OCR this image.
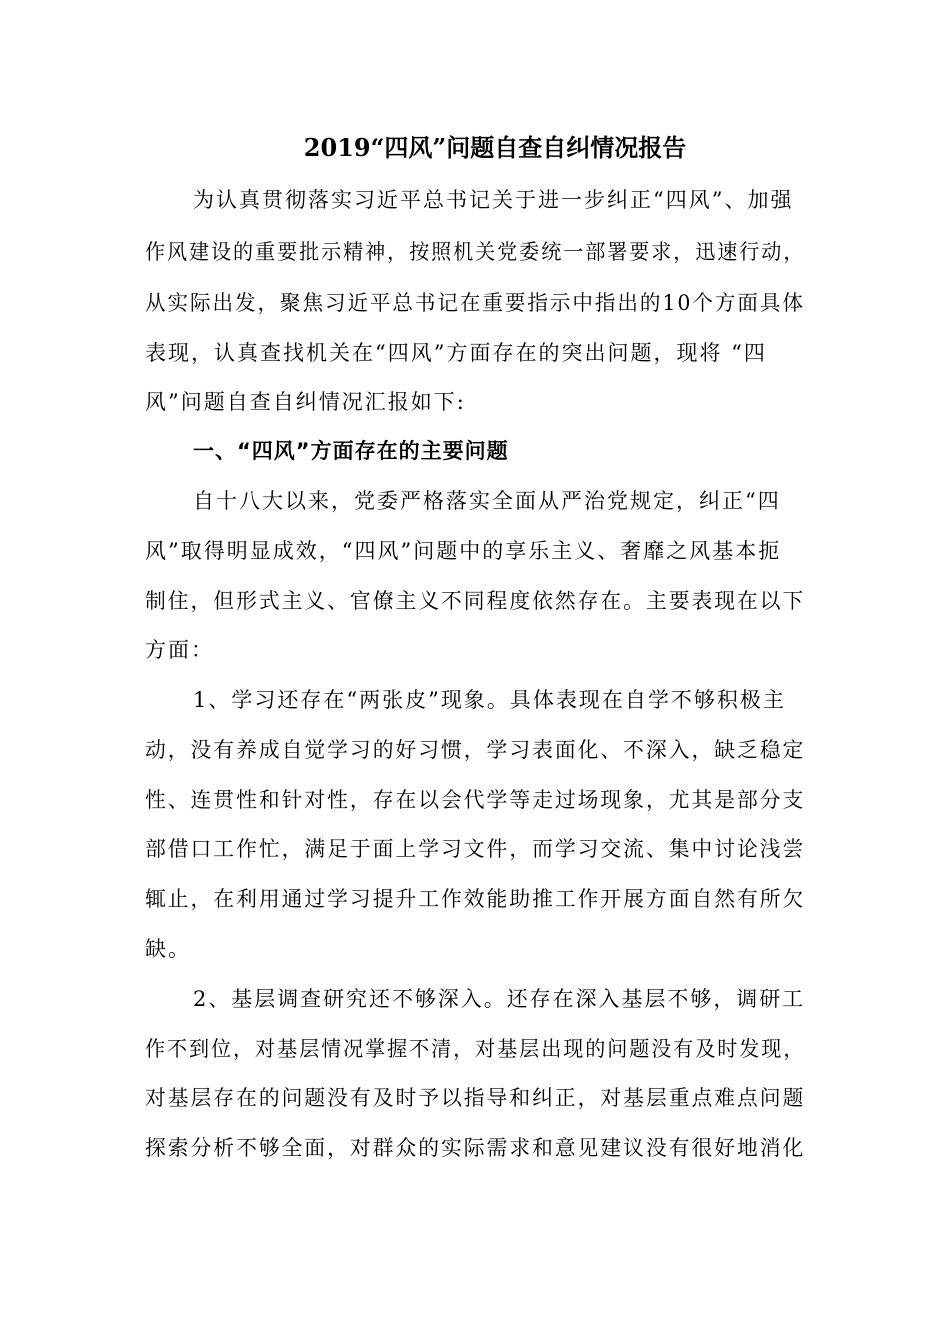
2019“四风”问题自查自纠情况报告
为认真贯彻落实习近平总书记关于进一步纠正“四风”、加强
作风建设的重要批示精神，按照机关党委统一部署要求，迅速行动，
从实际出发，聚焦习近平总书记在重要指示中指出的10个方面具体
表现，认真查找机关在“四风”方面存在的突出问题，现将 “四
风”问题自查自纠情况汇报如下:
一、“四风”方面存在的主要问题
自十八大以来，党委严格落实全面从严治党规定，纠正“四
风”取得明显成效，“四风”问题中的享乐主义、奢靡之风基本扼
制住，但形式主义、官僚主义不同程度依然存在。主要表现在以下
方面：
1、学习还存在“两张皮”现象。具体表现在自学不够积极主
动，没有养成自觉学习的好习惯，学习表面化、不深入，缺乏稳定
性、连贯性和针对性，存在以会代学等走过场现象，尤其是部分支
部借口工作忙，满足于面上学习文件，而学习交流、集中讨论浅尝
辄止，在利用通过学习提升工作效能助推工作开展方面自然有所欠
缺。
2、基层调查研究还不够深入。还存在深入基层不够，调研工
作不到位，对基层情况掌握不清，对基层出现的问题没有及时发现，
对基层存在的问题没有及时予以指导和纠正，对基层重点难点问题
探索分析不够全面，对群众的实际需求和意见建议没有很好地消化
